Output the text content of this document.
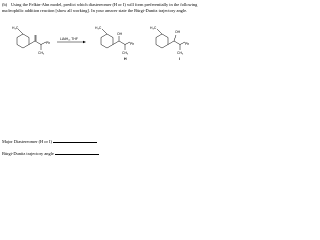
(b) Using the Felkin-Ahn model, predict which diastereomer (H or I) will form preferentially in the following nucleophilic addition reaction [show all working]. In your answer state the Bürgi-Dunitz trajectory angle.
H₃C
Ph
CH₃
LiAlH₄, THF
H₃C
OH
Ph
CH₃
H
H₃C
OH
Ph
CH₃
I
Major Diastereomer (H or I)
Bürgi-Dunitz trajectory angle
